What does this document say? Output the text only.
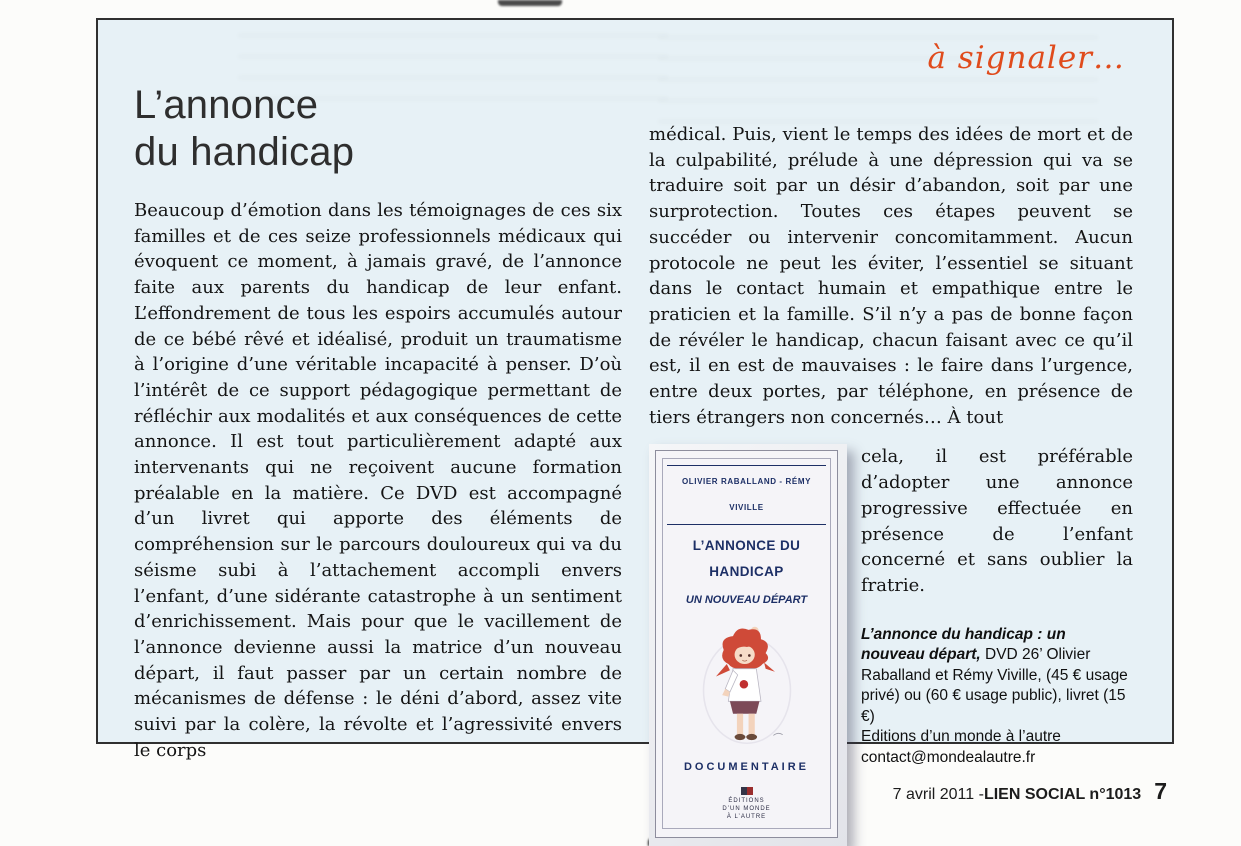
à signaler…
L’annonce
du handicap
Beaucoup d’émotion dans les témoignages de ces six familles et de ces seize professionnels médicaux qui évoquent ce moment, à jamais gravé, de l’annonce faite aux parents du handicap de leur enfant. L’effondrement de tous les espoirs accumulés autour de ce bébé rêvé et idéalisé, produit un traumatisme à l’origine d’une véritable incapacité à penser. D’où l’intérêt de ce support pédagogique permettant de réfléchir aux modalités et aux conséquences de cette annonce. Il est tout particulièrement adapté aux intervenants qui ne reçoivent aucune formation préalable en la matière. Ce DVD est accompagné d’un livret qui apporte des éléments de compréhension sur le parcours douloureux qui va du séisme subi à l’attachement accompli envers l’enfant, d’une sidérante catastrophe à un sentiment d’enrichissement. Mais pour que le vacillement de l’annonce devienne aussi la matrice d’un nouveau départ, il faut passer par un certain nombre de mécanismes de défense : le déni d’abord, assez vite suivi par la colère, la révolte et l’agressivité envers le corps

médical. Puis, vient le temps des idées de mort et de la culpabilité, prélude à une dépression qui va se traduire soit par un désir d’abandon, soit par une surprotection. Toutes ces étapes peuvent se succéder ou intervenir concomitamment. Aucun protocole ne peut les éviter, l’essentiel se situant dans le contact humain et empathique entre le praticien et la famille. S’il n’y a pas de bonne façon de révéler le handicap, chacun faisant avec ce qu’il est, il en est de mauvaises : le faire dans l’urgence, entre deux portes, par téléphone, en présence de tiers étrangers non concernés… À tout

OLIVIER RABALLAND - RÉMY VIVILLE
L’ANNONCE DU HANDICAP
UN NOUVEAU DÉPART
DOCUMENTAIRE
ÉDITIONS
D’UN MONDE
À L’AUTRE

cela, il est préférable d’adopter une annonce progressive effectuée en présence de l’enfant concerné et sans oublier la fratrie.

L’annonce du handicap : un nouveau départ, DVD 26’ Olivier Raballand et Rémy Viville, (45 € usage privé) ou (60 € usage public), livret (15 €)
Editions d’un monde à l’autre
contact@mondealautre.fr

7 avril 2011 - LIEN SOCIAL n°1013 7
